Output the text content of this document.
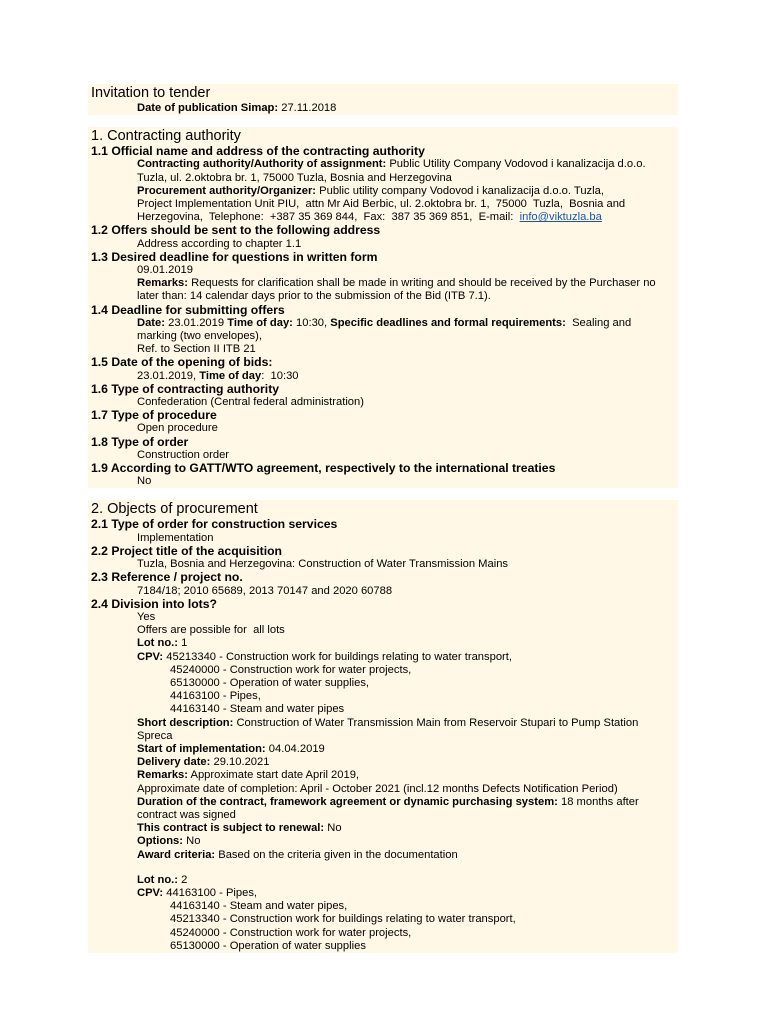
Invitation to tender
Date of publication Simap: 27.11.2018
1. Contracting authority
1.1 Official name and address of the contracting authority
Contracting authority/Authority of assignment: Public Utility Company Vodovod i kanalizacija d.o.o.
Tuzla, ul. 2.oktobra br. 1, 75000 Tuzla, Bosnia and Herzegovina
Procurement authority/Organizer: Public utility company Vodovod i kanalizacija d.o.o. Tuzla,
Project Implementation Unit PIU,  attn Mr Aid Berbic, ul. 2.oktobra br. 1,  75000  Tuzla,  Bosnia and
Herzegovina,  Telephone:  +387 35 369 844,  Fax:  387 35 369 851,  E-mail:  info@viktuzla.ba
1.2 Offers should be sent to the following address
Address according to chapter 1.1
1.3 Desired deadline for questions in written form
09.01.2019
Remarks: Requests for clarification shall be made in writing and should be received by the Purchaser no
later than: 14 calendar days prior to the submission of the Bid (ITB 7.1).
1.4 Deadline for submitting offers
Date: 23.01.2019 Time of day: 10:30, Specific deadlines and formal requirements: Sealing and
marking (two envelopes),
Ref. to Section II ITB 21
1.5 Date of the opening of bids:
23.01.2019, Time of day:  10:30
1.6 Type of contracting authority
Confederation (Central federal administration)
1.7 Type of procedure
Open procedure
1.8 Type of order
Construction order
1.9 According to GATT/WTO agreement, respectively to the international treaties
No
2. Objects of procurement
2.1 Type of order for construction services
Implementation
2.2 Project title of the acquisition
Tuzla, Bosnia and Herzegovina: Construction of Water Transmission Mains
2.3 Reference / project no.
7184/18; 2010 65689, 2013 70147 and 2020 60788
2.4 Division into lots?
Yes
Offers are possible for  all lots
Lot no.: 1
CPV: 45213340 - Construction work for buildings relating to water transport,
45240000 - Construction work for water projects,
65130000 - Operation of water supplies,
44163100 - Pipes,
44163140 - Steam and water pipes
Short description: Construction of Water Transmission Main from Reservoir Stupari to Pump Station
Spreca
Start of implementation: 04.04.2019
Delivery date: 29.10.2021
Remarks: Approximate start date April 2019,
Approximate date of completion: April - October 2021 (incl.12 months Defects Notification Period)
Duration of the contract, framework agreement or dynamic purchasing system: 18 months after
contract was signed
This contract is subject to renewal: No
Options: No
Award criteria: Based on the criteria given in the documentation
Lot no.: 2
CPV: 44163100 - Pipes,
44163140 - Steam and water pipes,
45213340 - Construction work for buildings relating to water transport,
45240000 - Construction work for water projects,
65130000 - Operation of water supplies
